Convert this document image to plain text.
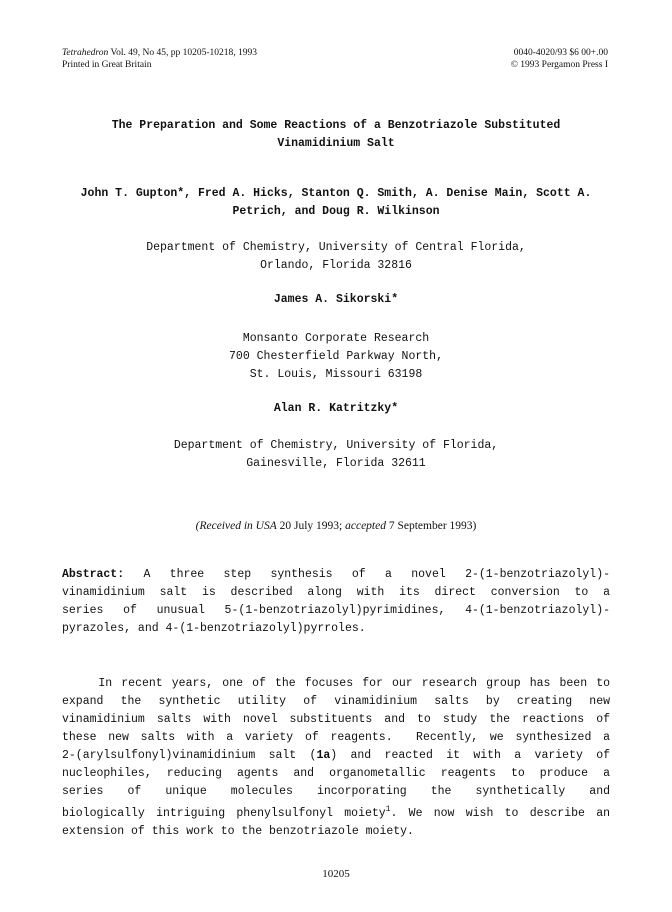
Tetrahedron Vol. 49, No 45, pp 10205-10218, 1993
Printed in Great Britain
0040-4020/93 $6 00+.00
© 1993 Pergamon Press I
The Preparation and Some Reactions of a Benzotriazole Substituted
Vinamidinium Salt
John T. Gupton*, Fred A. Hicks, Stanton Q. Smith, A. Denise Main, Scott A.
Petrich, and Doug R. Wilkinson
Department of Chemistry, University of Central Florida,
Orlando, Florida 32816
James A. Sikorski*
Monsanto Corporate Research
700 Chesterfield Parkway North,
St. Louis, Missouri 63198
Alan R. Katritzky*
Department of Chemistry, University of Florida,
Gainesville, Florida 32611
(Received in USA 20 July 1993; accepted 7 September 1993)
Abstract: A three step synthesis of a novel 2-(1-benzotriazolyl)-
vinamidinium salt is described along with its direct conversion to a
series of unusual 5-(1-benzotriazolyl)pyrimidines, 4-(1-benzotriazolyl)-
pyrazoles, and 4-(1-benzotriazolyl)pyrroles.
In recent years, one of the focuses for our research group has been to
expand the synthetic utility of vinamidinium salts by creating new
vinamidinium salts with novel substituents and to study the reactions of
these new salts with a variety of reagents.  Recently, we synthesized a
2-(arylsulfonyl)vinamidinium salt (1a) and reacted it with a variety of
nucleophiles, reducing agents and organometallic reagents to produce a
series of unique molecules incorporating the synthetically and
biologically intriguing phenylsulfonyl moiety$^1$. We now wish to describe an
extension of this work to the benzotriazole moiety.
10205
